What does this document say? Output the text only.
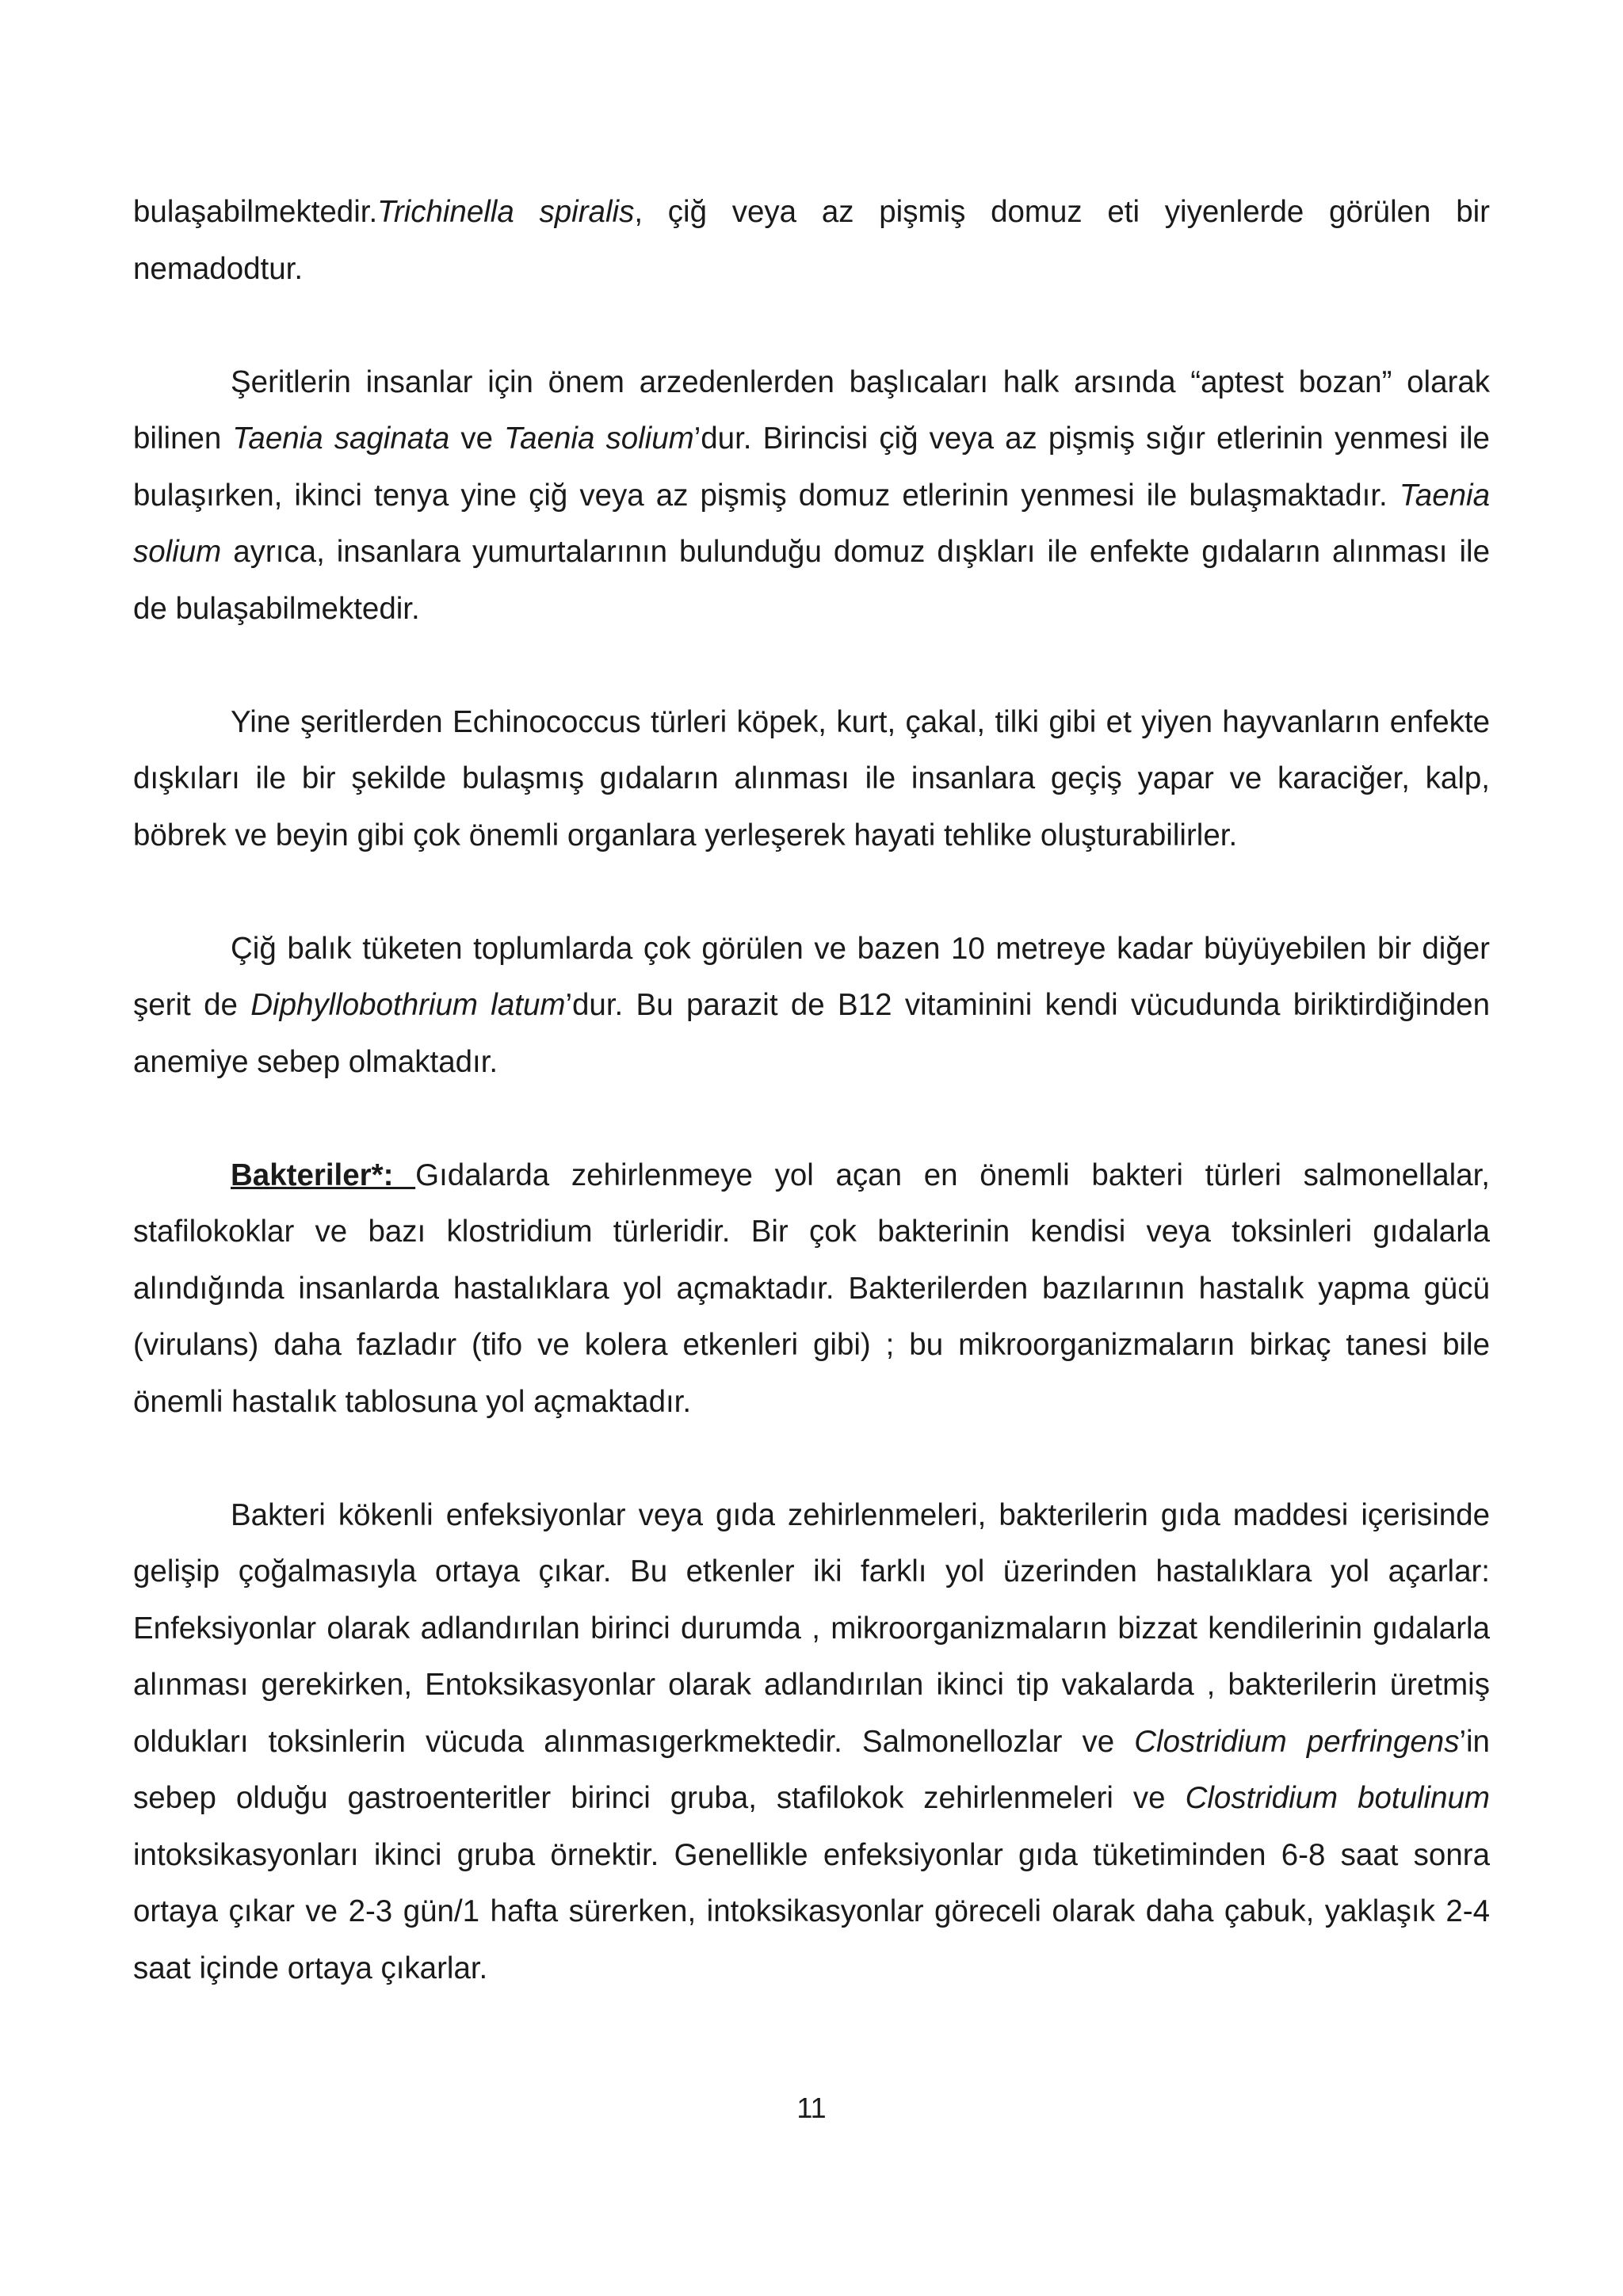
bulaşabilmektedir.Trichinella spiralis, çiğ veya az pişmiş domuz eti yiyenlerde görülen bir nemadodtur.

Şeritlerin insanlar için önem arzedenlerden başlıcaları halk arsında “aptest bozan” olarak bilinen Taenia saginata ve Taenia solium’dur. Birincisi çiğ veya az pişmiş sığır etlerinin yenmesi ile bulaşırken, ikinci tenya yine çiğ veya az pişmiş domuz etlerinin yenmesi ile bulaşmaktadır. Taenia solium ayrıca, insanlara yumurtalarının bulunduğu domuz dışkları ile enfekte gıdaların alınması ile de bulaşabilmektedir.

Yine şeritlerden Echinococcus türleri köpek, kurt, çakal, tilki gibi et yiyen hayvanların enfekte dışkıları ile bir şekilde bulaşmış gıdaların alınması ile insanlara geçiş yapar ve karaciğer, kalp, böbrek ve beyin gibi çok önemli organlara yerleşerek hayati tehlike oluşturabilirler.

Çiğ balık tüketen toplumlarda çok görülen ve bazen 10 metreye kadar büyüyebilen bir diğer şerit de Diphyllobothrium latum’dur. Bu parazit de B12 vitaminini kendi vücudunda biriktirdiğinden anemiye sebep olmaktadır.

Bakteriler*: Gıdalarda zehirlenmeye yol açan en önemli bakteri türleri salmonellalar, stafilokoklar ve bazı klostridium türleridir. Bir çok bakterinin kendisi veya toksinleri gıdalarla alındığında insanlarda hastalıklara yol açmaktadır. Bakterilerden bazılarının hastalık yapma gücü (virulans) daha fazladır (tifo ve kolera etkenleri gibi) ; bu mikroorganizmaların birkaç tanesi bile önemli hastalık tablosuna yol açmaktadır.

Bakteri kökenli enfeksiyonlar veya gıda zehirlenmeleri, bakterilerin gıda maddesi içerisinde gelişip çoğalmasıyla ortaya çıkar. Bu etkenler iki farklı yol üzerinden hastalıklara yol açarlar: Enfeksiyonlar olarak adlandırılan birinci durumda , mikroorganizmaların bizzat kendilerinin gıdalarla alınması gerekirken, Entoksikasyonlar olarak adlandırılan ikinci tip vakalarda , bakterilerin üretmiş oldukları toksinlerin vücuda alınmasıgerkmektedir. Salmonellozlar ve Clostridium perfringens’in sebep olduğu gastroenteritler birinci gruba, stafilokok zehirlenmeleri ve Clostridium botulinum intoksikasyonları ikinci gruba örnektir. Genellikle enfeksiyonlar gıda tüketiminden 6-8 saat sonra ortaya çıkar ve 2-3 gün/1 hafta sürerken, intoksikasyonlar göreceli olarak daha çabuk, yaklaşık 2-4 saat içinde ortaya çıkarlar.

11
